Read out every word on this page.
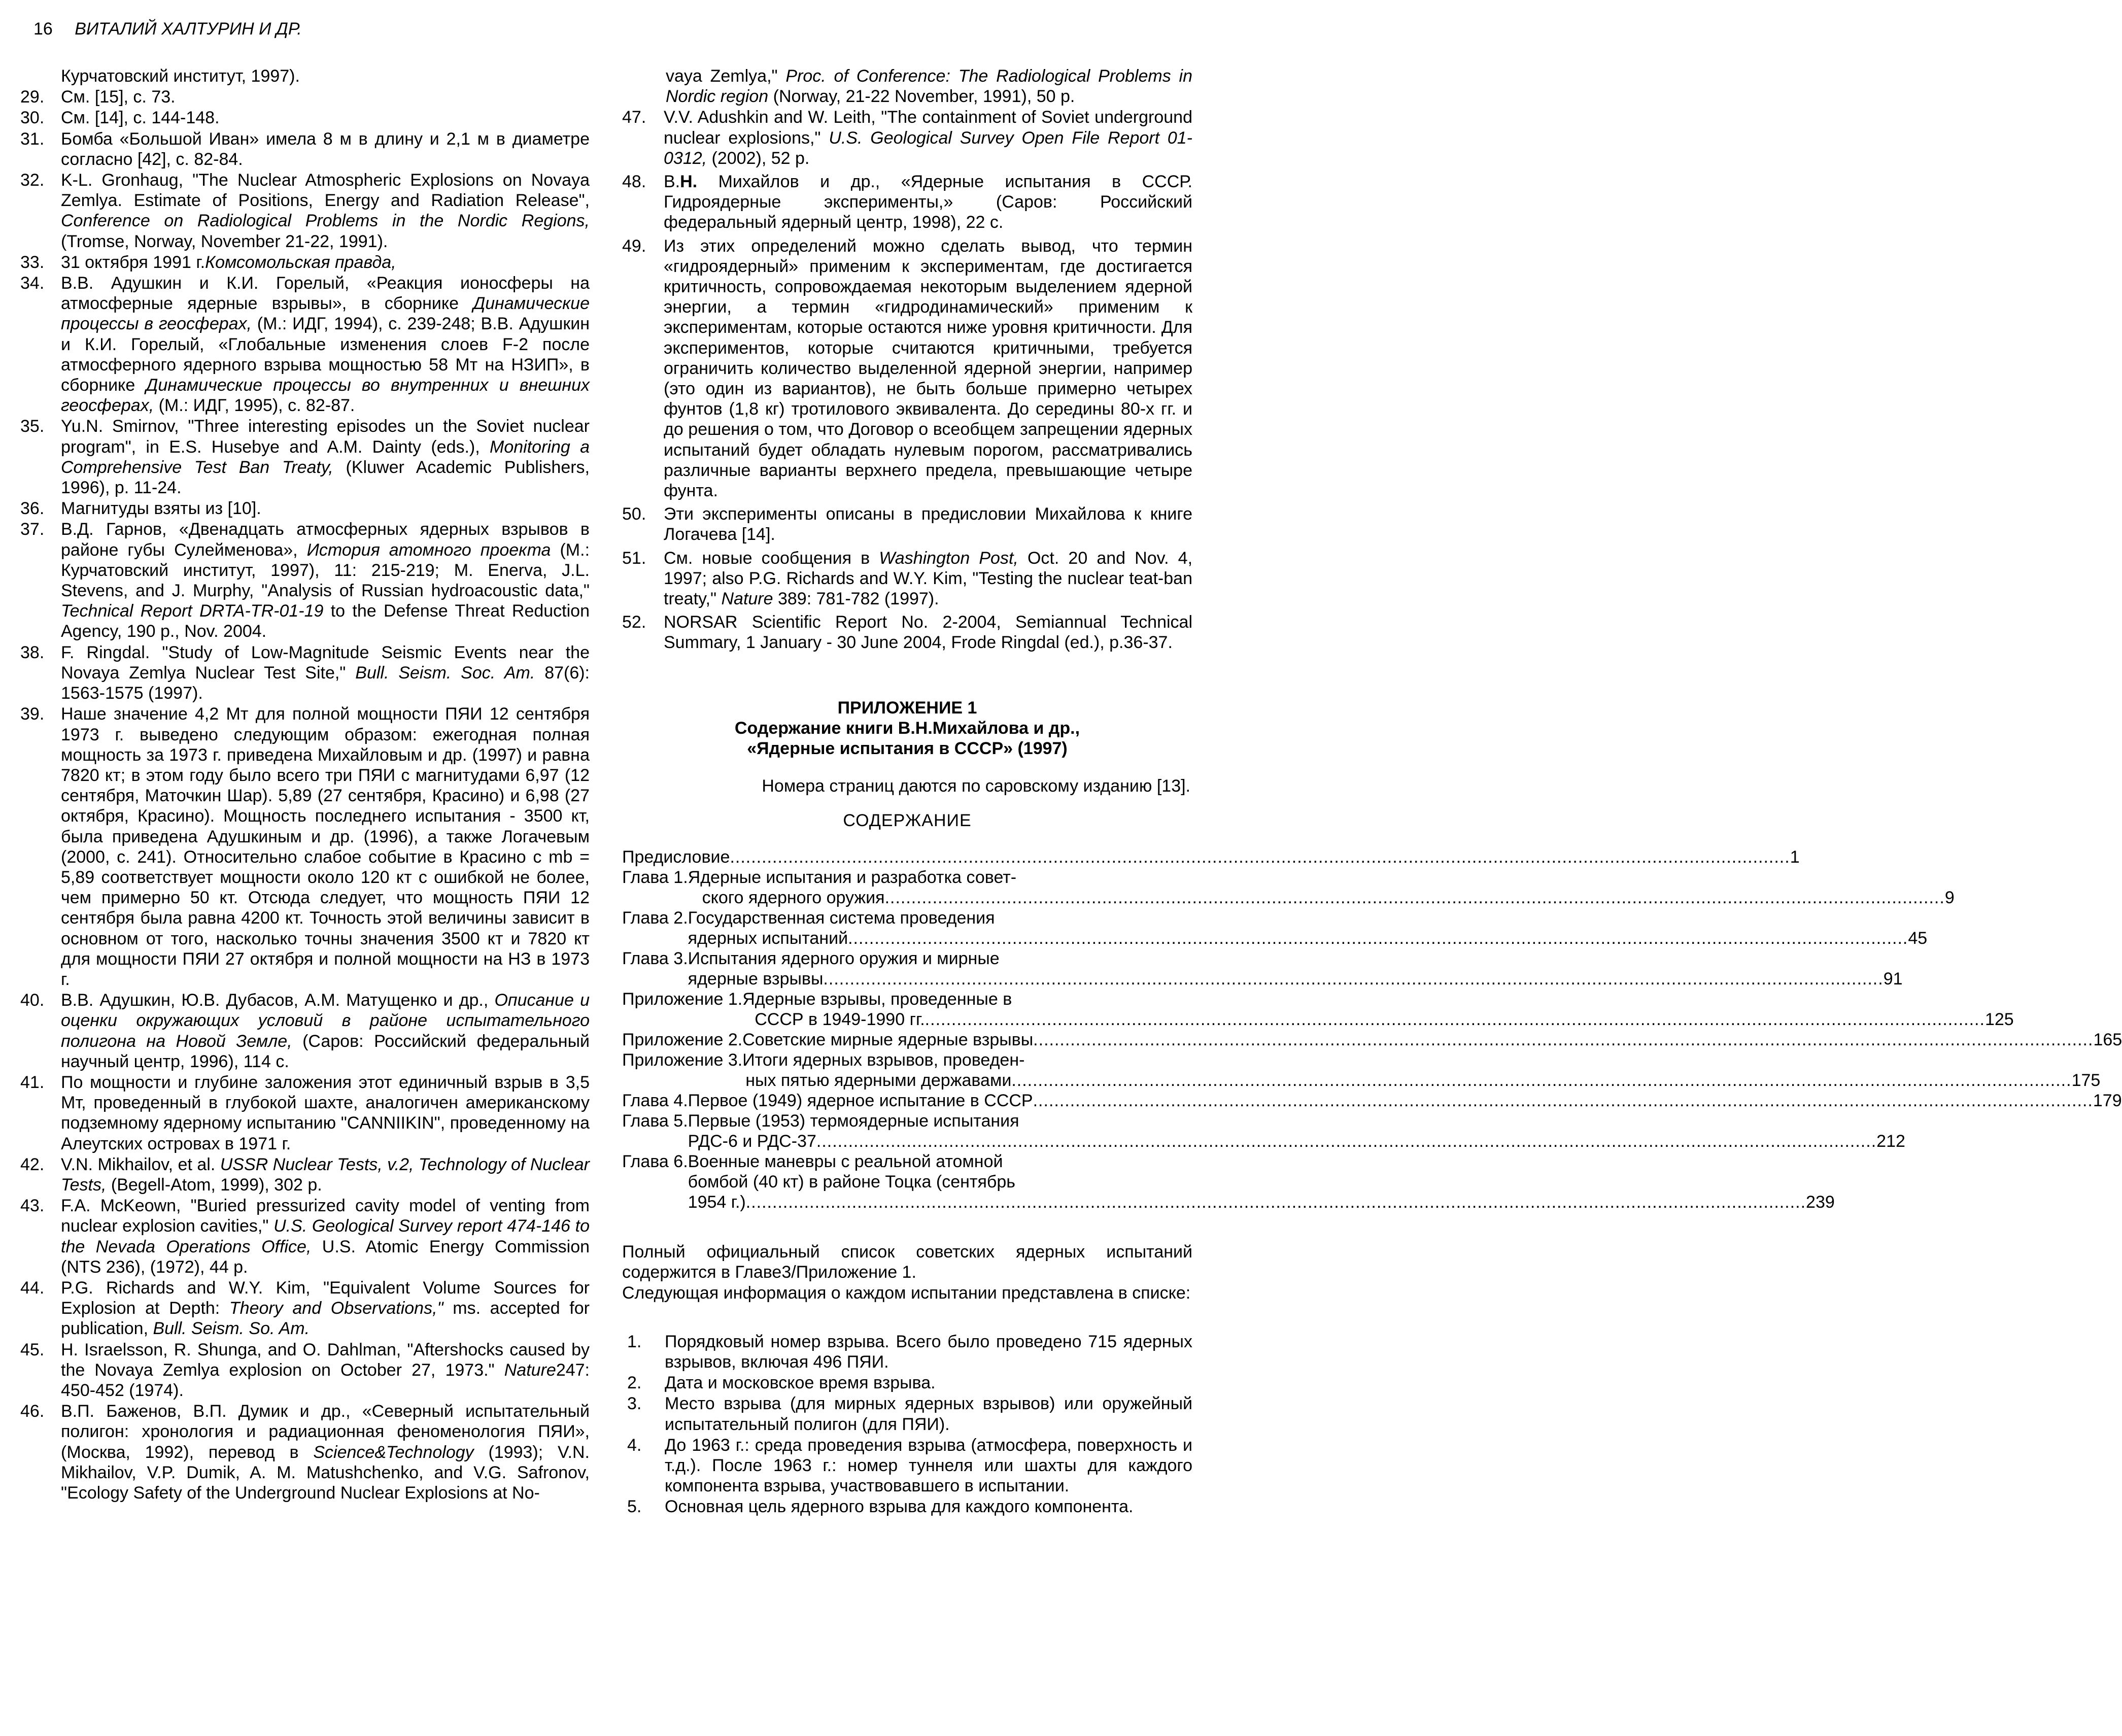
16 ВИТАЛИЙ ХАЛТУРИН И ДР.
Курчатовский институт, 1997).
29. См. [15], с. 73.
30. См. [14], с. 144-148.
31. Бомба «Большой Иван» имела 8 м в длину и 2,1 м в диаметре согласно [42], с. 82-84.
32. K-L. Gronhaug, "The Nuclear Atmospheric Explosions on Novaya Zemlya. Estimate of Positions, Energy and Radiation Release", Conference on Radiological Problems in the Nordic Regions, (Tromse, Norway, November 21-22, 1991).
33. 31 октября 1991 г.Комсомольская правда,
34. В.В. Адушкин и К.И. Горелый, «Реакция ионосферы на атмосферные ядерные взрывы», в сборнике Динамические процессы в геосферах, (М.: ИДГ, 1994), с. 239-248; В.В. Адушкин и К.И. Горелый, «Глобальные изменения слоев F-2 после атмосферного ядерного взрыва мощностью 58 Мт на НЗИП», в сборнике Динамические процессы во внутренних и внешних геосферах, (М.: ИДГ, 1995), с. 82-87.
35. Yu.N. Smirnov, "Three interesting episodes un the Soviet nuclear program", in E.S. Husebye and A.M. Dainty (eds.), Monitoring a Comprehensive Test Ban Treaty, (Kluwer Academic Publishers, 1996), p. 11-24.
36. Магнитуды взяты из [10].
37. В.Д. Гарнов, «Двенадцать атмосферных ядерных взрывов в районе губы Сулейменова», История атомного проекта (М.: Курчатовский институт, 1997), 11: 215-219; M. Enerva, J.L. Stevens, and J. Murphy, "Analysis of Russian hydroacoustic data," Technical Report DRTA-TR-01-19 to the Defense Threat Reduction Agency, 190 p., Nov. 2004.
38. F. Ringdal. "Study of Low-Magnitude Seismic Events near the Novaya Zemlya Nuclear Test Site," Bull. Seism. Soc. Am. 87(6): 1563-1575 (1997).
39. Наше значение 4,2 Мт для полной мощности ПЯИ 12 сентября 1973 г. выведено следующим образом: ежегодная полная мощность за 1973 г. приведена Михайловым и др. (1997) и равна 7820 кт; в этом году было всего три ПЯИ с магнитудами 6,97 (12 сентября, Маточкин Шар). 5,89 (27 сентября, Красино) и 6,98 (27 октября, Красино). Мощность последнего испытания - 3500 кт, была приведена Адушкиным и др. (1996), а также Логачевым (2000, с. 241). Относительно слабое событие в Красино с mb = 5,89 соответствует мощности около 120 кт с ошибкой не более, чем примерно 50 кт. Отсюда следует, что мощность ПЯИ 12 сентября была равна 4200 кт. Точность этой величины зависит в основном от того, насколько точны значения 3500 кт и 7820 кт для мощности ПЯИ 27 октября и полной мощности на НЗ в 1973 г.
40. В.В. Адушкин, Ю.В. Дубасов, А.М. Матущенко и др., Описание и оценки окружающих условий в районе испытательного полигона на Новой Земле, (Саров: Российский федеральный научный центр, 1996), 114 с.
41. По мощности и глубине заложения этот единичный взрыв в 3,5 Мт, проведенный в глубокой шахте, аналогичен американскому подземному ядерному испытанию "CANNIIKIN", проведенному на Алеутских островах в 1971 г.
42. V.N. Mikhailov, et al. USSR Nuclear Tests, v.2, Technology of Nuclear Tests, (Begell-Atom, 1999), 302 p.
43. F.A. McKeown, "Buried pressurized cavity model of venting from nuclear explosion cavities," U.S. Geological Survey report 474-146 to the Nevada Operations Office, U.S. Atomic Energy Commission (NTS 236), (1972), 44 p.
44. P.G. Richards and W.Y. Kim, "Equivalent Volume Sources for Explosion at Depth: Theory and Observations," ms. accepted for publication, Bull. Seism. So. Am.
45. H. Israelsson, R. Shunga, and O. Dahlman, "Aftershocks caused by the Novaya Zemlya explosion on October 27, 1973." Nature247: 450-452 (1974).
46. В.П. Баженов, В.П. Думик и др., «Северный испытательный полигон: хронология и радиационная феноменология ПЯИ», (Москва, 1992), перевод в Science&Technology (1993); V.N. Mikhailov, V.P. Dumik, A. M. Matushchenko, and V.G. Safronov, "Ecology Safety of the Underground Nuclear Explosions at No-
vaya Zemlya," Proc. of Conference: The Radiological Problems in Nordic region (Norway, 21-22 November, 1991), 50 p.
47. V.V. Adushkin and W. Leith, "The containment of Soviet underground nuclear explosions," U.S. Geological Survey Open File Report 01-0312, (2002), 52 p.
48. В.Н. Михайлов и др., «Ядерные испытания в СССР. Гидроядерные эксперименты,» (Саров: Российский федеральный ядерный центр, 1998), 22 с.
49. Из этих определений можно сделать вывод, что термин «гидроядерный» применим к экспериментам, где достигается критичность, сопровождаемая некоторым выделением ядерной энергии, а термин «гидродинамический» применим к экспериментам, которые остаются ниже уровня критичности. Для экспериментов, которые считаются критичными, требуется ограничить количество выделенной ядерной энергии, например (это один из вариантов), не быть больше примерно четырех фунтов (1,8 кг) тротилового эквивалента. До середины 80-х гг. и до решения о том, что Договор о всеобщем запрещении ядерных испытаний будет обладать нулевым порогом, рассматривались различные варианты верхнего предела, превышающие четыре фунта.
50. Эти эксперименты описаны в предисловии Михайлова к книге Логачева [14].
51. См. новые сообщения в Washington Post, Oct. 20 and Nov. 4, 1997; also P.G. Richards and W.Y. Kim, "Testing the nuclear teat-ban treaty," Nature 389: 781-782 (1997).
52. NORSAR Scientific Report No. 2-2004, Semiannual Technical Summary, 1 January - 30 June 2004, Frode Ringdal (ed.), p.36-37.
ПРИЛОЖЕНИЕ 1
Содержание книги В.Н.Михайлова и др.,
«Ядерные испытания в СССР» (1997)
Номера страниц даются по саровскому изданию [13].
СОДЕРЖАНИЕ
Предисловие .....	1
Глава 1. Ядерные испытания и разработка совет-
ского ядерного оружия .....	9
Глава 2. Государственная система проведения
ядерных испытаний .....	45
Глава 3. Испытания ядерного оружия и мирные
ядерные взрывы .....	91
Приложение 1. Ядерные взрывы, проведенные в
СССР в 1949-1990 гг. .....	125
Приложение 2. Советские мирные ядерные взрывы .....	165
Приложение 3. Итоги ядерных взрывов, проведен-
ных пятью ядерными державами .....	175
Глава 4. Первое (1949) ядерное испытание в СССР .....	179
Глава 5. Первые (1953) термоядерные испытания
РДС-6 и РДС-37 .....	212
Глава 6. Военные маневры с реальной атомной
бомбой (40 кт) в районе Тоцка (сентябрь
1954 г.) .....	239
Полный официальный список советских ядерных испытаний содержится в Главе3/Приложение 1.
Следующая информация о каждом испытании представлена в списке:
1. Порядковый номер взрыва. Всего было проведено 715 ядерных взрывов, включая 496 ПЯИ.
2. Дата и московское время взрыва.
3. Место взрыва (для мирных ядерных взрывов) или оружейный испытательный полигон (для ПЯИ).
4. До 1963 г.: среда проведения взрыва (атмосфера, поверхность и т.д.). После 1963 г.: номер туннеля или шахты для каждого компонента взрыва, участвовавшего в испытании.
5. Основная цель ядерного взрыва для каждого компонента.
